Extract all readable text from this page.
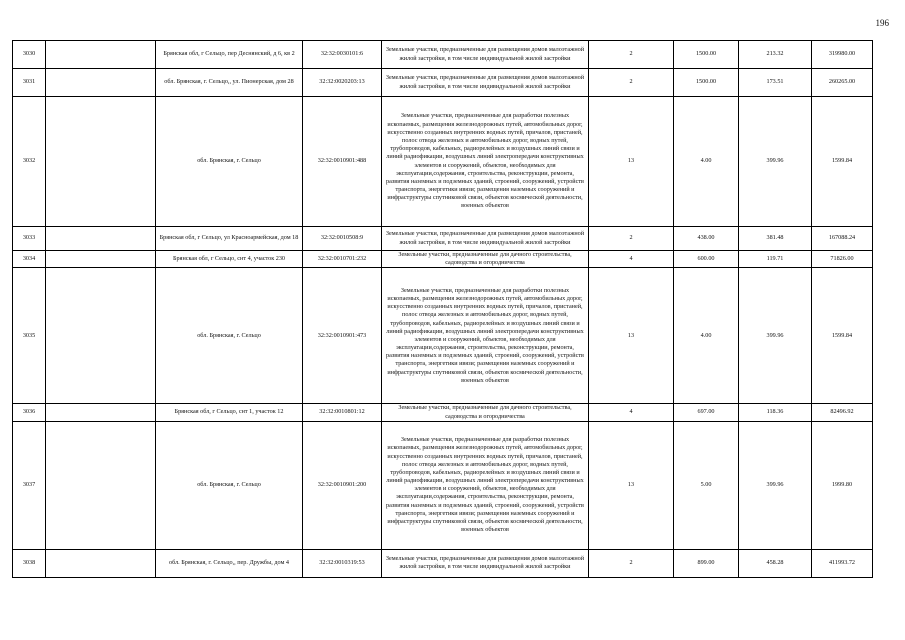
196
3030		Брянская обл, г Сельцо, пер Деснянский, д 6, кв 2	32:32:0030101:6	Земельные участки, предназначенные для размещения домов малоэтажной жилой застройки, в том числе индивидуальной жилой застройки	2	1500.00	213.32	319980.00
3031		обл. Брянская, г. Сельцо,, ул. Пионерская, дом 28	32:32:0020203:13	Земельные участки, предназначенные для размещения домов малоэтажной жилой застройки, в том числе индивидуальной жилой застройки	2	1500.00	173.51	260265.00
3032		обл. Брянская, г. Сельцо	32:32:0010901:488	Земельные участки, предназначенные для разработки полезных ископаемых, размещения железнодорожных путей, автомобильных дорог, искусственно созданных внутренних водных путей, причалов, пристаней, полос отвода железных и автомобильных дорог, водных путей, трубопроводов, кабельных, радиорелейных и воздушных линий связи и линий радиофикации, воздушных линий электропередачи конструктивных элементов и сооружений, объектов, необходимых для эксплуатации,содержания, строительства, реконструкции, ремонта, развития наземных и подземных зданий, строений, сооружений, устройств транспорта, энергетики ивязи; размещения наземных сооружений и инфраструктуры спутниковой связи, объектов космической деятельности, военных объектов	13	4.00	399.96	1599.84
3033		Брянская обл, г Сельцо, ул Красноармейская, дом 18	32:32:0010508:9	Земельные участки, предназначенные для размещения домов малоэтажной жилой застройки, в том числе индивидуальной жилой застройки	2	438.00	381.48	167088.24
3034		Брянская обл, г Сельцо, снт 4, участок 230	32:32:0010701:232	Земельные участки, предназначенные для дачного строительства, садоводства и огородничества	4	600.00	119.71	71826.00
3035		обл. Брянская, г. Сельцо	32:32:0010901:473	Земельные участки, предназначенные для разработки полезных ископаемых, размещения железнодорожных путей, автомобильных дорог, искусственно созданных внутренних водных путей, причалов, пристаней, полос отвода железных и автомобильных дорог, водных путей, трубопроводов, кабельных, радиорелейных и воздушных линий связи и линий радиофикации, воздушных линий электропередачи конструктивных элементов и сооружений, объектов, необходимых для эксплуатации,содержания, строительства, реконструкции, ремонта, развития наземных и подземных зданий, строений, сооружений, устройств транспорта, энергетики ивязи; размещения наземных сооружений и инфраструктуры спутниковой связи, объектов космической деятельности, военных объектов	13	4.00	399.96	1599.84
3036		Брянская обл, г Сельцо, снт 1, участок 12	32:32:0010801:12	Земельные участки, предназначенные для дачного строительства, садоводства и огородничества	4	697.00	118.36	82496.92
3037		обл. Брянская, г. Сельцо	32:32:0010901:200	Земельные участки, предназначенные для разработки полезных ископаемых, размещения железнодорожных путей, автомобильных дорог, искусственно созданных внутренних водных путей, причалов, пристаней, полос отвода железных и автомобильных дорог, водных путей, трубопроводов, кабельных, радиорелейных и воздушных линий связи и линий радиофикации, воздушных линий электропередачи конструктивных элементов и сооружений, объектов, необходимых для эксплуатации,содержания, строительства, реконструкции, ремонта, развития наземных и подземных зданий, строений, сооружений, устройств транспорта, энергетики ивязи; размещения наземных сооружений и инфраструктуры спутниковой связи, объектов космической деятельности, военных объектов	13	5.00	399.96	1999.80
3038		обл. Брянская, г. Сельцо,, пер. Дружбы, дом 4	32:32:0010319:53	Земельные участки, предназначенные для размещения домов малоэтажной жилой застройки, в том числе индивидуальной жилой застройки	2	899.00	458.28	411993.72
